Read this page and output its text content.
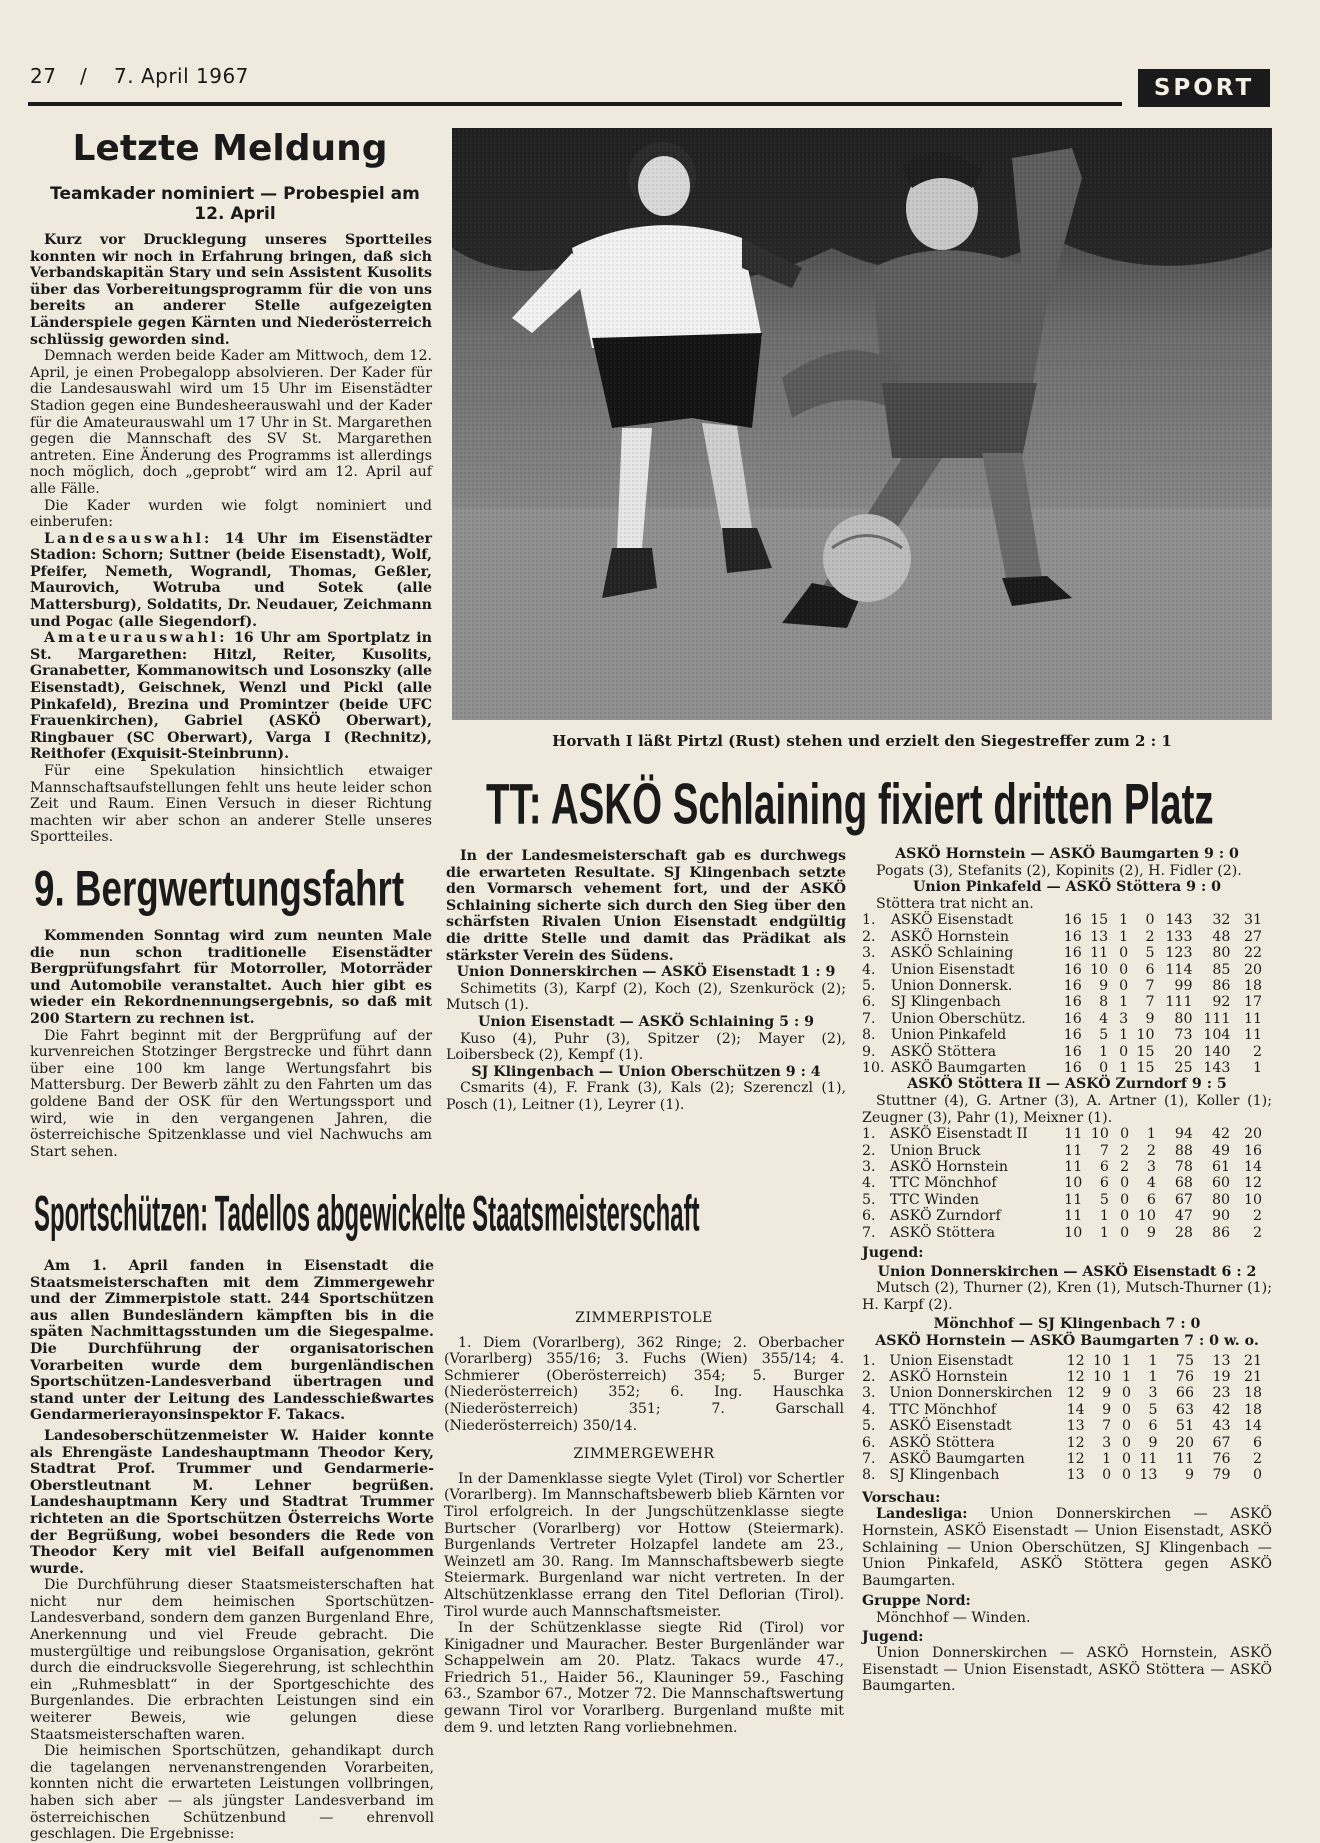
27 / 7. April 1967	SPORT
Letzte Meldung
Teamkader nominiert — Probespiel am 12. April

Kurz vor Drucklegung unseres Sportteiles konnten wir noch in Erfahrung bringen, daß sich Verbandskapitän Stary und sein Assistent Kusolits über das Vorbereitungsprogramm für die von uns bereits an anderer Stelle aufgezeigten Länderspiele gegen Kärnten und Niederösterreich schlüssig geworden sind.

Demnach werden beide Kader am Mittwoch, dem 12. April, je einen Probegalopp absolvieren. Der Kader für die Landesauswahl wird um 15 Uhr im Eisenstädter Stadion gegen eine Bundesheerauswahl und der Kader für die Amateurauswahl um 17 Uhr in St. Margarethen gegen die Mannschaft des SV St. Margarethen antreten. Eine Änderung des Programms ist allerdings noch möglich, doch „geprobt“ wird am 12. April auf alle Fälle.

Die Kader wurden wie folgt nominiert und einberufen:

Landesauswahl: 14 Uhr im Eisenstädter Stadion: Schorn; Suttner (beide Eisenstadt), Wolf, Pfeifer, Nemeth, Wograndl, Thomas, Geßler, Maurovich, Wotruba und Sotek (alle Mattersburg), Soldatits, Dr. Neudauer, Zeichmann und Pogac (alle Siegendorf).

Amateurauswahl: 16 Uhr am Sportplatz in St. Margarethen: Hitzl, Reiter, Kusolits, Granabetter, Kommanowitsch und Losonszky (alle Eisenstadt), Geischnek, Wenzl und Pickl (alle Pinkafeld), Brezina und Promintzer (beide UFC Frauenkirchen), Gabriel (ASKÖ Oberwart), Ringbauer (SC Oberwart), Varga I (Rechnitz), Reithofer (Exquisit-Steinbrunn).

Für eine Spekulation hinsichtlich etwaiger Mannschaftsaufstellungen fehlt uns heute leider schon Zeit und Raum. Einen Versuch in dieser Richtung machten wir aber schon an anderer Stelle unseres Sportteiles.

Horvath I läßt Pirtzl (Rust) stehen und erzielt den Siegestreffer zum 2 : 1
TT: ASKÖ Schlaining fixiert dritten Platz
9. Bergwertungsfahrt

Kommenden Sonntag wird zum neunten Male die nun schon traditionelle Eisenstädter Bergprüfungsfahrt für Motorroller, Motorräder und Automobile veranstaltet. Auch hier gibt es wieder ein Rekordnennungsergebnis, so daß mit 200 Startern zu rechnen ist.

Die Fahrt beginnt mit der Bergprüfung auf der kurvenreichen Stotzinger Bergstrecke und führt dann über eine 100 km lange Wertungsfahrt bis Mattersburg. Der Bewerb zählt zu den Fahrten um das goldene Band der OSK für den Wertungssport und wird, wie in den vergangenen Jahren, die österreichische Spitzenklasse und viel Nachwuchs am Start sehen.

In der Landesmeisterschaft gab es durchwegs die erwarteten Resultate. SJ Klingenbach setzte den Vormarsch vehement fort, und der ASKÖ Schlaining sicherte sich durch den Sieg über den schärfsten Rivalen Union Eisenstadt endgültig die dritte Stelle und damit das Prädikat als stärkster Verein des Südens.

Union Donnerskirchen — ASKÖ Eisenstadt 1 : 9

Schimetits (3), Karpf (2), Koch (2), Szenkuröck (2); Mutsch (1).

Union Eisenstadt — ASKÖ Schlaining 5 : 9

Kuso (4), Puhr (3), Spitzer (2); Mayer (2), Loibersbeck (2), Kempf (1).

SJ Klingenbach — Union Oberschützen 9 : 4

Csmarits (4), F. Frank (3), Kals (2); Szerenczl (1), Posch (1), Leitner (1), Leyrer (1).

ASKÖ Hornstein — ASKÖ Baumgarten 9 : 0

Pogats (3), Stefanits (2), Kopinits (2), H. Fidler (2).

Union Pinkafeld — ASKÖ Stöttera 9 : 0

Stöttera trat nicht an.

1.	ASKÖ Eisenstadt	16	15	1	0	143	32	31
2.	ASKÖ Hornstein	16	13	1	2	133	48	27
3.	ASKÖ Schlaining	16	11	0	5	123	80	22
4.	Union Eisenstadt	16	10	0	6	114	85	20
5.	Union Donnersk.	16	9	0	7	99	86	18
6.	SJ Klingenbach	16	8	1	7	111	92	17
7.	Union Oberschütz.	16	4	3	9	80	111	11
8.	Union Pinkafeld	16	5	1	10	73	104	11
9.	ASKÖ Stöttera	16	1	0	15	20	140	2
10.	ASKÖ Baumgarten	16	0	1	15	25	143	1

ASKÖ Stöttera II — ASKÖ Zurndorf 9 : 5

Stuttner (4), G. Artner (3), A. Artner (1), Koller (1); Zeugner (3), Pahr (1), Meixner (1).

1.	ASKÖ Eisenstadt II	11	10	0	1	94	42	20
2.	Union Bruck	11	7	2	2	88	49	16
3.	ASKÖ Hornstein	11	6	2	3	78	61	14
4.	TTC Mönchhof	10	6	0	4	68	60	12
5.	TTC Winden	11	5	0	6	67	80	10
6.	ASKÖ Zurndorf	11	1	0	10	47	90	2
7.	ASKÖ Stöttera	10	1	0	9	28	86	2

Jugend:

Union Donnerskirchen — ASKÖ Eisenstadt 6 : 2

Mutsch (2), Thurner (2), Kren (1), Mutsch-Thurner (1); H. Karpf (2).

Mönchhof — SJ Klingenbach 7 : 0

ASKÖ Hornstein — ASKÖ Baumgarten 7 : 0 w. o.

1.	Union Eisenstadt	12	10	1	1	75	13	21
2.	ASKÖ Hornstein	12	10	1	1	76	19	21
3.	Union Donnerskirchen	12	9	0	3	66	23	18
4.	TTC Mönchhof	14	9	0	5	63	42	18
5.	ASKÖ Eisenstadt	13	7	0	6	51	43	14
6.	ASKÖ Stöttera	12	3	0	9	20	67	6
7.	ASKÖ Baumgarten	12	1	0	11	11	76	2
8.	SJ Klingenbach	13	0	0	13	9	79	0

Vorschau:

Landesliga: Union Donnerskirchen — ASKÖ Hornstein, ASKÖ Eisenstadt — Union Eisenstadt, ASKÖ Schlaining — Union Oberschützen, SJ Klingenbach — Union Pinkafeld, ASKÖ Stöttera gegen ASKÖ Baumgarten.

Gruppe Nord:

Mönchhof — Winden.

Jugend:

Union Donnerskirchen — ASKÖ Hornstein, ASKÖ Eisenstadt — Union Eisenstadt, ASKÖ Stöttera — ASKÖ Baumgarten.

Sportschützen: Tadellos abgewickelte Staatsmeisterschaft

Am 1. April fanden in Eisenstadt die Staatsmeisterschaften mit dem Zimmergewehr und der Zimmerpistole statt. 244 Sportschützen aus allen Bundesländern kämpften bis in die späten Nachmittagsstunden um die Siegespalme. Die Durchführung der organisatorischen Vorarbeiten wurde dem burgenländischen Sportschützen-Landesverband übertragen und stand unter der Leitung des Landesschießwartes Gendarmerierayonsinspektor F. Takacs.

Landesoberschützenmeister W. Haider konnte als Ehrengäste Landeshauptmann Theodor Kery, Stadtrat Prof. Trummer und Gendarmerie-Oberstleutnant M. Lehner begrüßen. Landeshauptmann Kery und Stadtrat Trummer richteten an die Sportschützen Österreichs Worte der Begrüßung, wobei besonders die Rede von Theodor Kery mit viel Beifall aufgenommen wurde.

Die Durchführung dieser Staatsmeisterschaften hat nicht nur dem heimischen Sportschützen-Landesverband, sondern dem ganzen Burgenland Ehre, Anerkennung und viel Freude gebracht. Die mustergültige und reibungslose Organisation, gekrönt durch die eindrucksvolle Siegerehrung, ist schlechthin ein „Ruhmesblatt“ in der Sportgeschichte des Burgenlandes. Die erbrachten Leistungen sind ein weiterer Beweis, wie gelungen diese Staatsmeisterschaften waren.

Die heimischen Sportschützen, gehandikapt durch die tagelangen nervenanstrengenden Vorarbeiten, konnten nicht die erwarteten Leistungen vollbringen, haben sich aber — als jüngster Landesverband im österreichischen Schützenbund — ehrenvoll geschlagen. Die Ergebnisse:

ZIMMERPISTOLE

1. Diem (Vorarlberg), 362 Ringe; 2. Oberbacher (Vorarlberg) 355/16; 3. Fuchs (Wien) 355/14; 4. Schmierer (Oberösterreich) 354; 5. Burger (Niederösterreich) 352; 6. Ing. Hauschka (Niederösterreich) 351; 7. Garschall (Niederösterreich) 350/14.

ZIMMERGEWEHR

In der Damenklasse siegte Vylet (Tirol) vor Schertler (Vorarlberg). Im Mannschaftsbewerb blieb Kärnten vor Tirol erfolgreich. In der Jungschützenklasse siegte Burtscher (Vorarlberg) vor Hottow (Steiermark). Burgenlands Vertreter Holzapfel landete am 23., Weinzetl am 30. Rang. Im Mannschaftsbewerb siegte Steiermark. Burgenland war nicht vertreten. In der Altschützenklasse errang den Titel Deflorian (Tirol). Tirol wurde auch Mannschaftsmeister.

In der Schützenklasse siegte Rid (Tirol) vor Kinigadner und Mauracher. Bester Burgenländer war Schappelwein am 20. Platz. Takacs wurde 47., Friedrich 51., Haider 56., Klauninger 59., Fasching 63., Szambor 67., Motzer 72. Die Mannschaftswertung gewann Tirol vor Vorarlberg. Burgenland mußte mit dem 9. und letzten Rang vorliebnehmen.
